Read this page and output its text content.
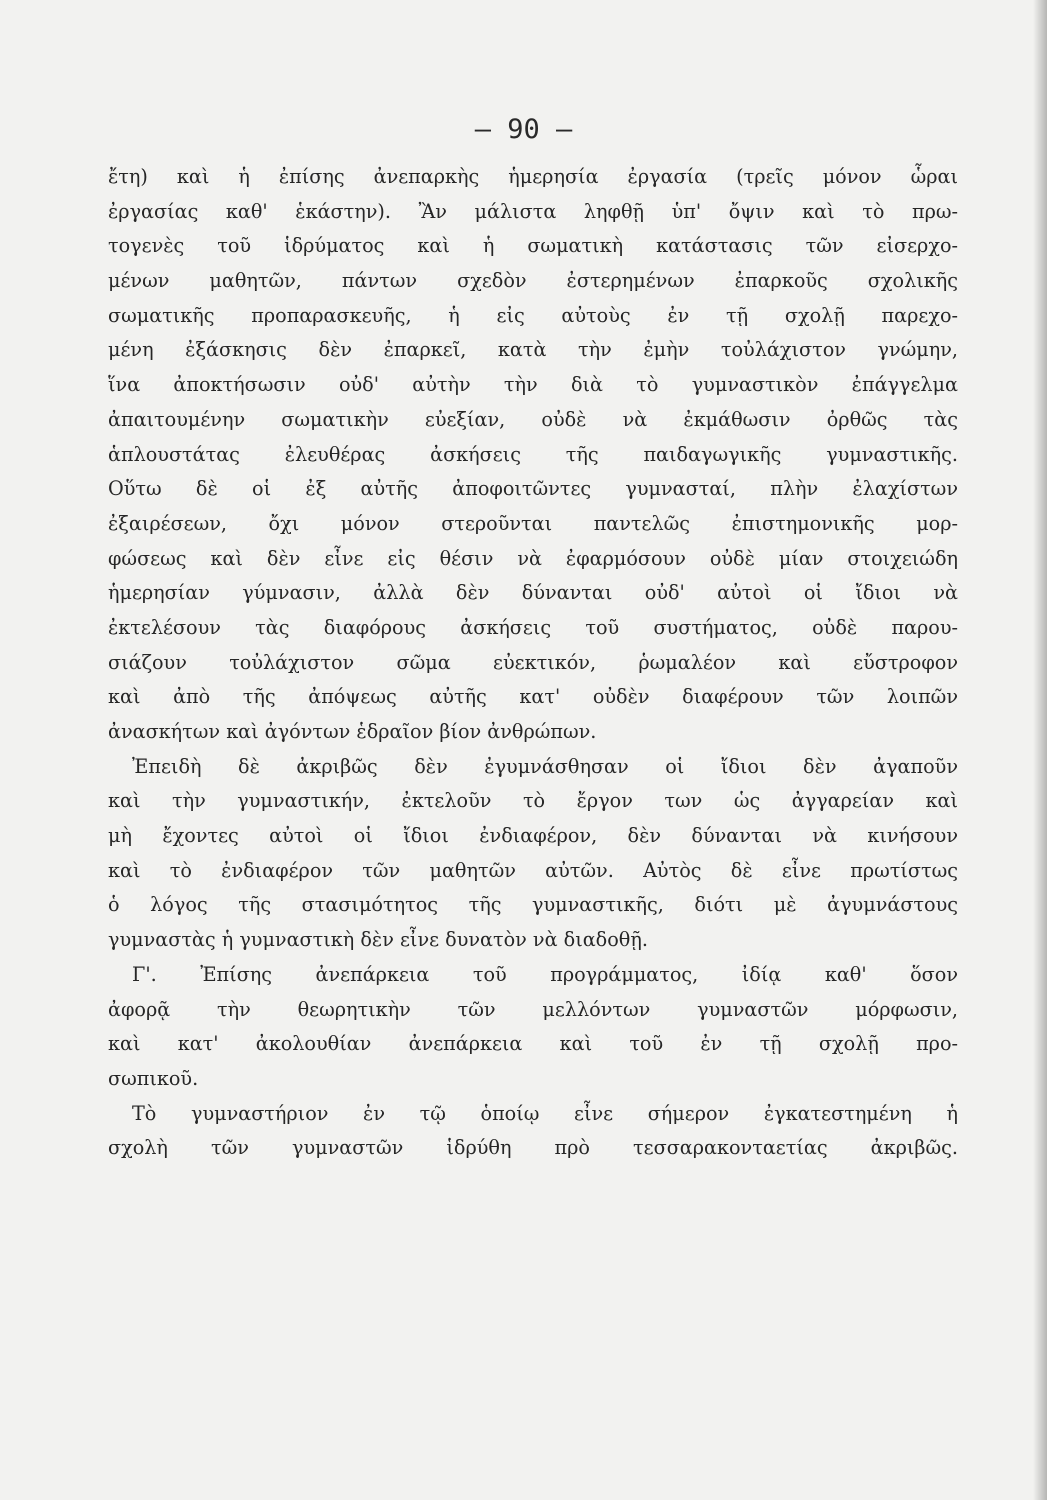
— 90 —

ἔτη) καὶ ἡ ἐπίσης ἀνεπαρκὴς ἡμερησία ἐργασία (τρεῖς μόνον ὧραι
ἐργασίας καθ' ἑκάστην). Ἂν μάλιστα ληφθῇ ὑπ' ὄψιν καὶ τὸ πρω-
τογενὲς τοῦ ἱδρύματος καὶ ἡ σωματικὴ κατάστασις τῶν εἰσερχο-
μένων μαθητῶν, πάντων σχεδὸν ἐστερημένων ἐπαρκοῦς σχολικῆς
σωματικῆς προπαρασκευῆς, ἡ εἰς αὐτοὺς ἐν τῇ σχολῇ παρεχο-
μένη ἐξάσκησις δὲν ἐπαρκεῖ, κατὰ τὴν ἐμὴν τοὐλάχιστον γνώμην,
ἵνα ἀποκτήσωσιν οὐδ' αὐτὴν τὴν διὰ τὸ γυμναστικὸν ἐπάγγελμα
ἀπαιτουμένην σωματικὴν εὐεξίαν, οὐδὲ νὰ ἐκμάθωσιν ὀρθῶς τὰς
ἁπλουστάτας ἐλευθέρας ἀσκήσεις τῆς παιδαγωγικῆς γυμναστικῆς.
Οὕτω δὲ οἱ ἐξ αὐτῆς ἀποφοιτῶντες γυμνασταί, πλὴν ἐλαχίστων
ἐξαιρέσεων, ὄχι μόνον στεροῦνται παντελῶς ἐπιστημονικῆς μορ-
φώσεως καὶ δὲν εἶνε εἰς θέσιν νὰ ἐφαρμόσουν οὐδὲ μίαν στοιχειώδη
ἡμερησίαν γύμνασιν, ἀλλὰ δὲν δύνανται οὐδ' αὐτοὶ οἱ ἴδιοι νὰ
ἐκτελέσουν τὰς διαφόρους ἀσκήσεις τοῦ συστήματος, οὐδὲ παρου-
σιάζουν τοὐλάχιστον σῶμα εὐεκτικόν, ῥωμαλέον καὶ εὔστροφον
καὶ ἀπὸ τῆς ἀπόψεως αὐτῆς κατ' οὐδὲν διαφέρουν τῶν λοιπῶν
ἀνασκήτων καὶ ἀγόντων ἑδραῖον βίον ἀνθρώπων.
Ἐπειδὴ δὲ ἀκριβῶς δὲν ἐγυμνάσθησαν οἱ ἴδιοι δὲν ἀγαποῦν
καὶ τὴν γυμναστικήν, ἐκτελοῦν τὸ ἔργον των ὡς ἀγγαρείαν καὶ
μὴ ἔχοντες αὐτοὶ οἱ ἴδιοι ἐνδιαφέρον, δὲν δύνανται νὰ κινήσουν
καὶ τὸ ἐνδιαφέρον τῶν μαθητῶν αὐτῶν. Αὐτὸς δὲ εἶνε πρωτίστως
ὁ λόγος τῆς στασιμότητος τῆς γυμναστικῆς, διότι μὲ ἀγυμνάστους
γυμναστὰς ἡ γυμναστικὴ δὲν εἶνε δυνατὸν νὰ διαδοθῇ.
Γ'. Ἐπίσης ἀνεπάρκεια τοῦ προγράμματος, ἰδίᾳ καθ' ὅσον
ἀφορᾷ τὴν θεωρητικὴν τῶν μελλόντων γυμναστῶν μόρφωσιν,
καὶ κατ' ἀκολουθίαν ἀνεπάρκεια καὶ τοῦ ἐν τῇ σχολῇ προ-
σωπικοῦ.
Τὸ γυμναστήριον ἐν τῷ ὁποίῳ εἶνε σήμερον ἐγκατεστημένη ἡ
σχολὴ τῶν γυμναστῶν ἱδρύθη πρὸ τεσσαρακονταετίας ἀκριβῶς.
